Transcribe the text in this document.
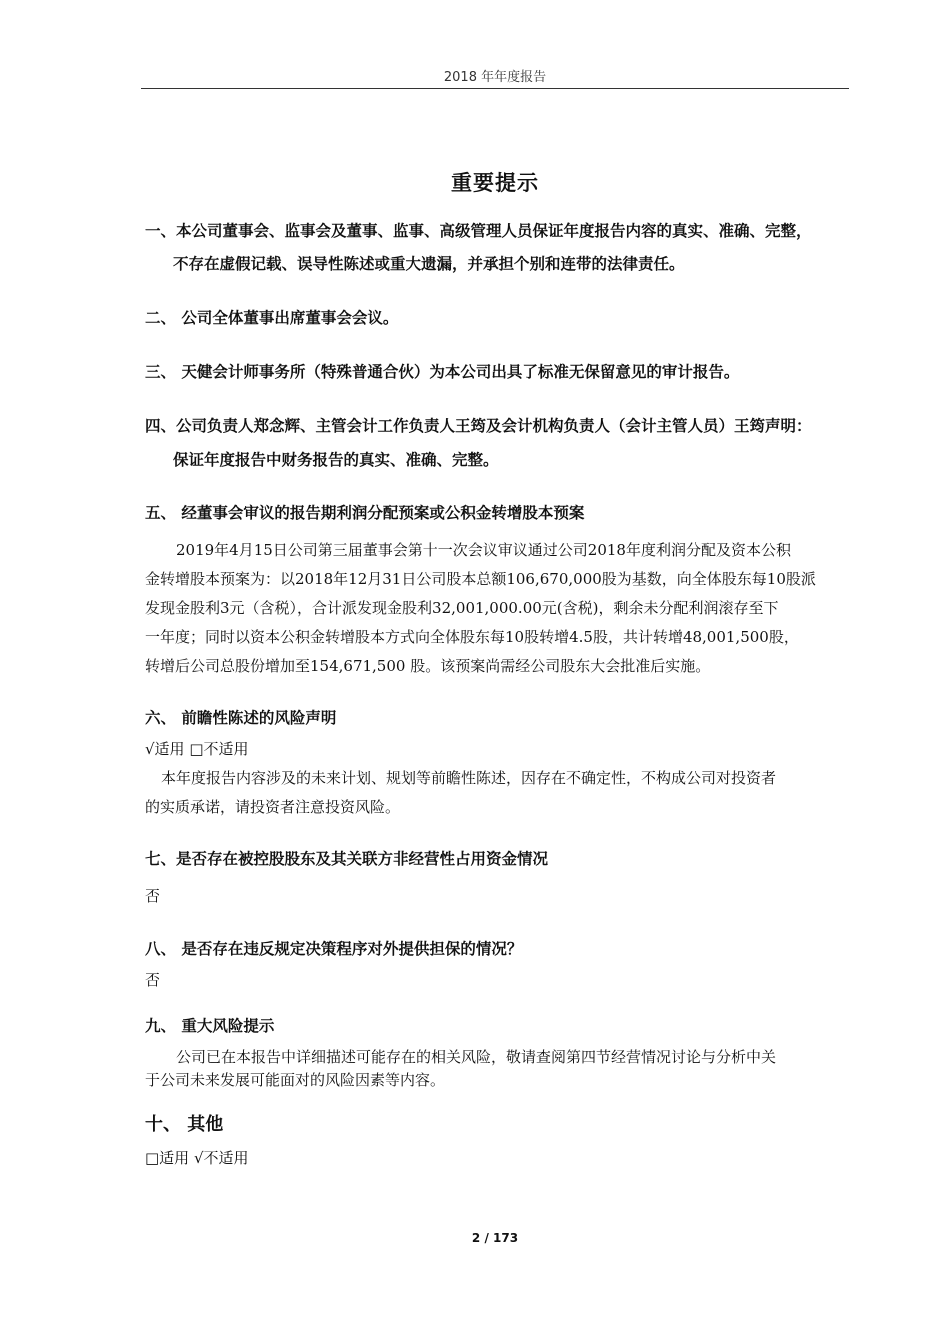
2018 年年度报告
重要提示
一、本公司董事会、监事会及董事、监事、高级管理人员保证年度报告内容的真实、准确、完整，
不存在虚假记载、误导性陈述或重大遗漏，并承担个别和连带的法律责任。
二、 公司全体董事出席董事会会议。
三、 天健会计师事务所（特殊普通合伙）为本公司出具了标准无保留意见的审计报告。
四、公司负责人郑念辉、主管会计工作负责人王筠及会计机构负责人（会计主管人员）王筠声明：
保证年度报告中财务报告的真实、准确、完整。
五、 经董事会审议的报告期利润分配预案或公积金转增股本预案
2019年4月15日公司第三届董事会第十一次会议审议通过公司2018年度利润分配及资本公积
金转增股本预案为：以2018年12月31日公司股本总额106,670,000股为基数，向全体股东每10股派
发现金股利3元（含税），合计派发现金股利32,001,000.00元(含税)，剩余未分配利润滚存至下
一年度；同时以资本公积金转增股本方式向全体股东每10股转增4.5股，共计转增48,001,500股，
转增后公司总股份增加至154,671,500 股。该预案尚需经公司股东大会批准后实施。
六、 前瞻性陈述的风险声明
√适用 □不适用
本年度报告内容涉及的未来计划、规划等前瞻性陈述，因存在不确定性，不构成公司对投资者
的实质承诺，请投资者注意投资风险。
七、是否存在被控股股东及其关联方非经营性占用资金情况
否
八、 是否存在违反规定决策程序对外提供担保的情况？
否
九、 重大风险提示
公司已在本报告中详细描述可能存在的相关风险，敬请查阅第四节经营情况讨论与分析中关
于公司未来发展可能面对的风险因素等内容。
十、 其他
□适用 √不适用
2 / 173
